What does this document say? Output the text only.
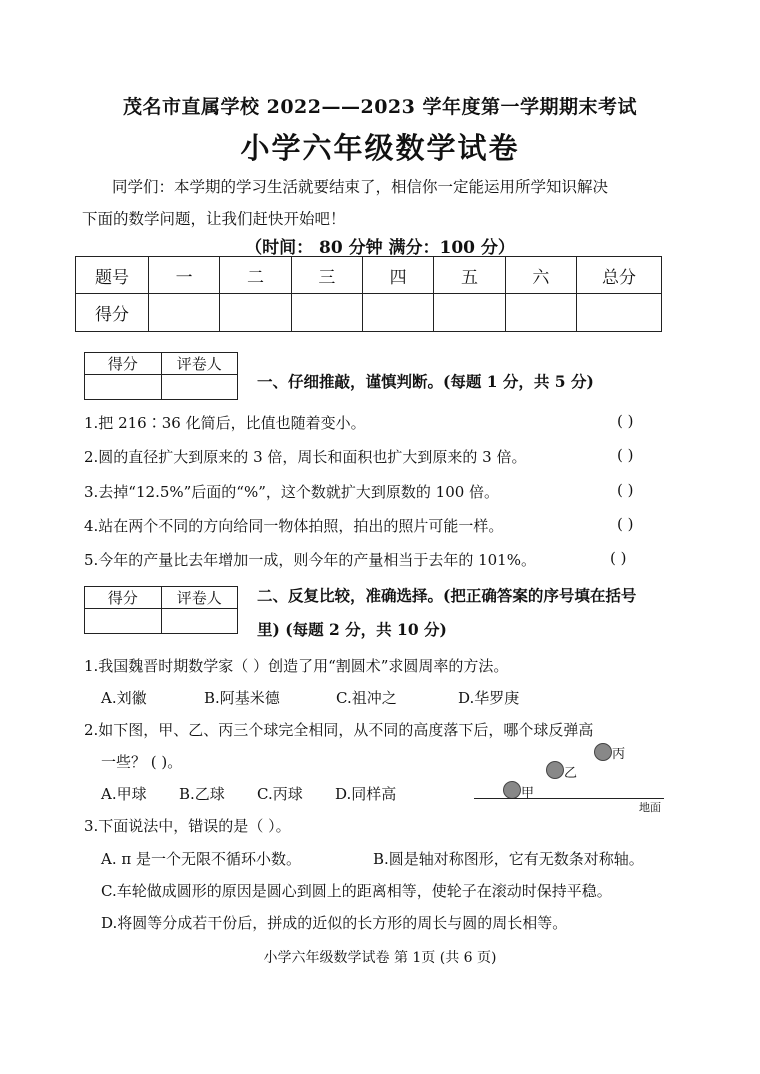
茂名市直属学校 2022——2023 学年度第一学期期末考试
小学六年级数学试卷
同学们：本学期的学习生活就要结束了，相信你一定能运用所学知识解决
下面的数学问题，让我们赶快开始吧！
（时间： 80 分钟 满分：100 分）
题号	一	二	三	四	五	六	总分
得分							
得分	评卷人

一、仔细推敲，谨慎判断。(每题 1 分，共 5 分)
1.把 216∶36 化简后，比值也随着变小。	( )
2.圆的直径扩大到原来的 3 倍，周长和面积也扩大到原来的 3 倍。	( )
3.去掉“12.5%”后面的“%”，这个数就扩大到原数的 100 倍。	( )
4.站在两个不同的方向给同一物体拍照，拍出的照片可能一样。	( )
5.今年的产量比去年增加一成，则今年的产量相当于去年的 101%。	( )
得分	评卷人
	二、反复比较，准确选择。(把正确答案的序号填在括号
里) (每题 2 分，共 10 分)
1.我国魏晋时期数学家（ ）创造了用“割圆术”求圆周率的方法。
A.刘徽	B.阿基米德	C.祖冲之	D.华罗庚
2.如下图，甲、乙、丙三个球完全相同，从不同的高度落下后，哪个球反弹高
一些？ ( )。
A.甲球 B.乙球 C.丙球 D.同样高
丙
乙
甲
地面
3.下面说法中，错误的是（ ）。
A. π 是一个无限不循环小数。	B.圆是轴对称图形，它有无数条对称轴。
C.车轮做成圆形的原因是圆心到圆上的距离相等，使轮子在滚动时保持平稳。
D.将圆等分成若干份后，拼成的近似的长方形的周长与圆的周长相等。
小学六年级数学试卷 第 1页 (共 6 页)
